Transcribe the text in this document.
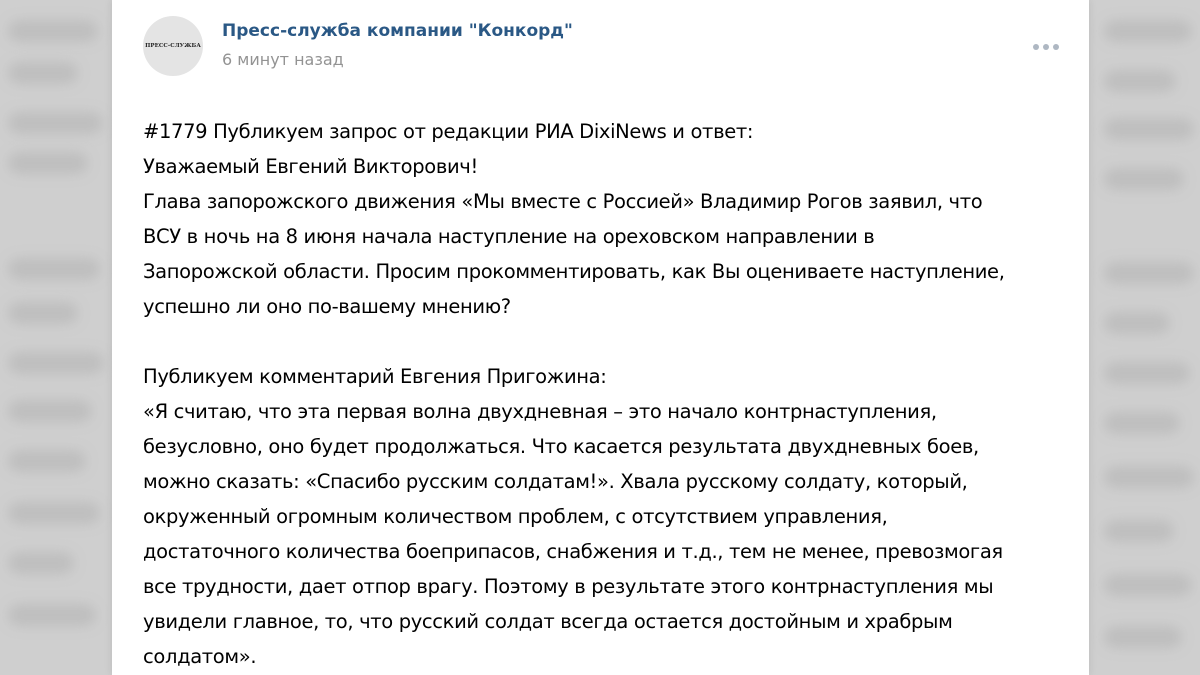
ПРЕСС-СЛУЖБА
Пресс-служба компании "Конкорд"
6 минут назад

#1779 Публикуем запрос от редакции РИА DixiNews и ответ:

Уважаемый Евгений Викторович!

Глава запорожского движения «Мы вместе с Россией» Владимир Рогов заявил, что

ВСУ в ночь на 8 июня начала наступление на ореховском направлении в

Запорожской области. Просим прокомментировать, как Вы оцениваете наступление,

успешно ли оно по-вашему мнению?

Публикуем комментарий Евгения Пригожина:

«Я считаю, что эта первая волна двухдневная – это начало контрнаступления,

безусловно, оно будет продолжаться. Что касается результата двухдневных боев,

можно сказать: «Спасибо русским солдатам!». Хвала русскому солдату, который,

окруженный огромным количеством проблем, с отсутствием управления,

достаточного количества боеприпасов, снабжения и т.д., тем не менее, превозмогая

все трудности, дает отпор врагу. Поэтому в результате этого контрнаступления мы

увидели главное, то, что русский солдат всегда остается достойным и храбрым

солдатом».
